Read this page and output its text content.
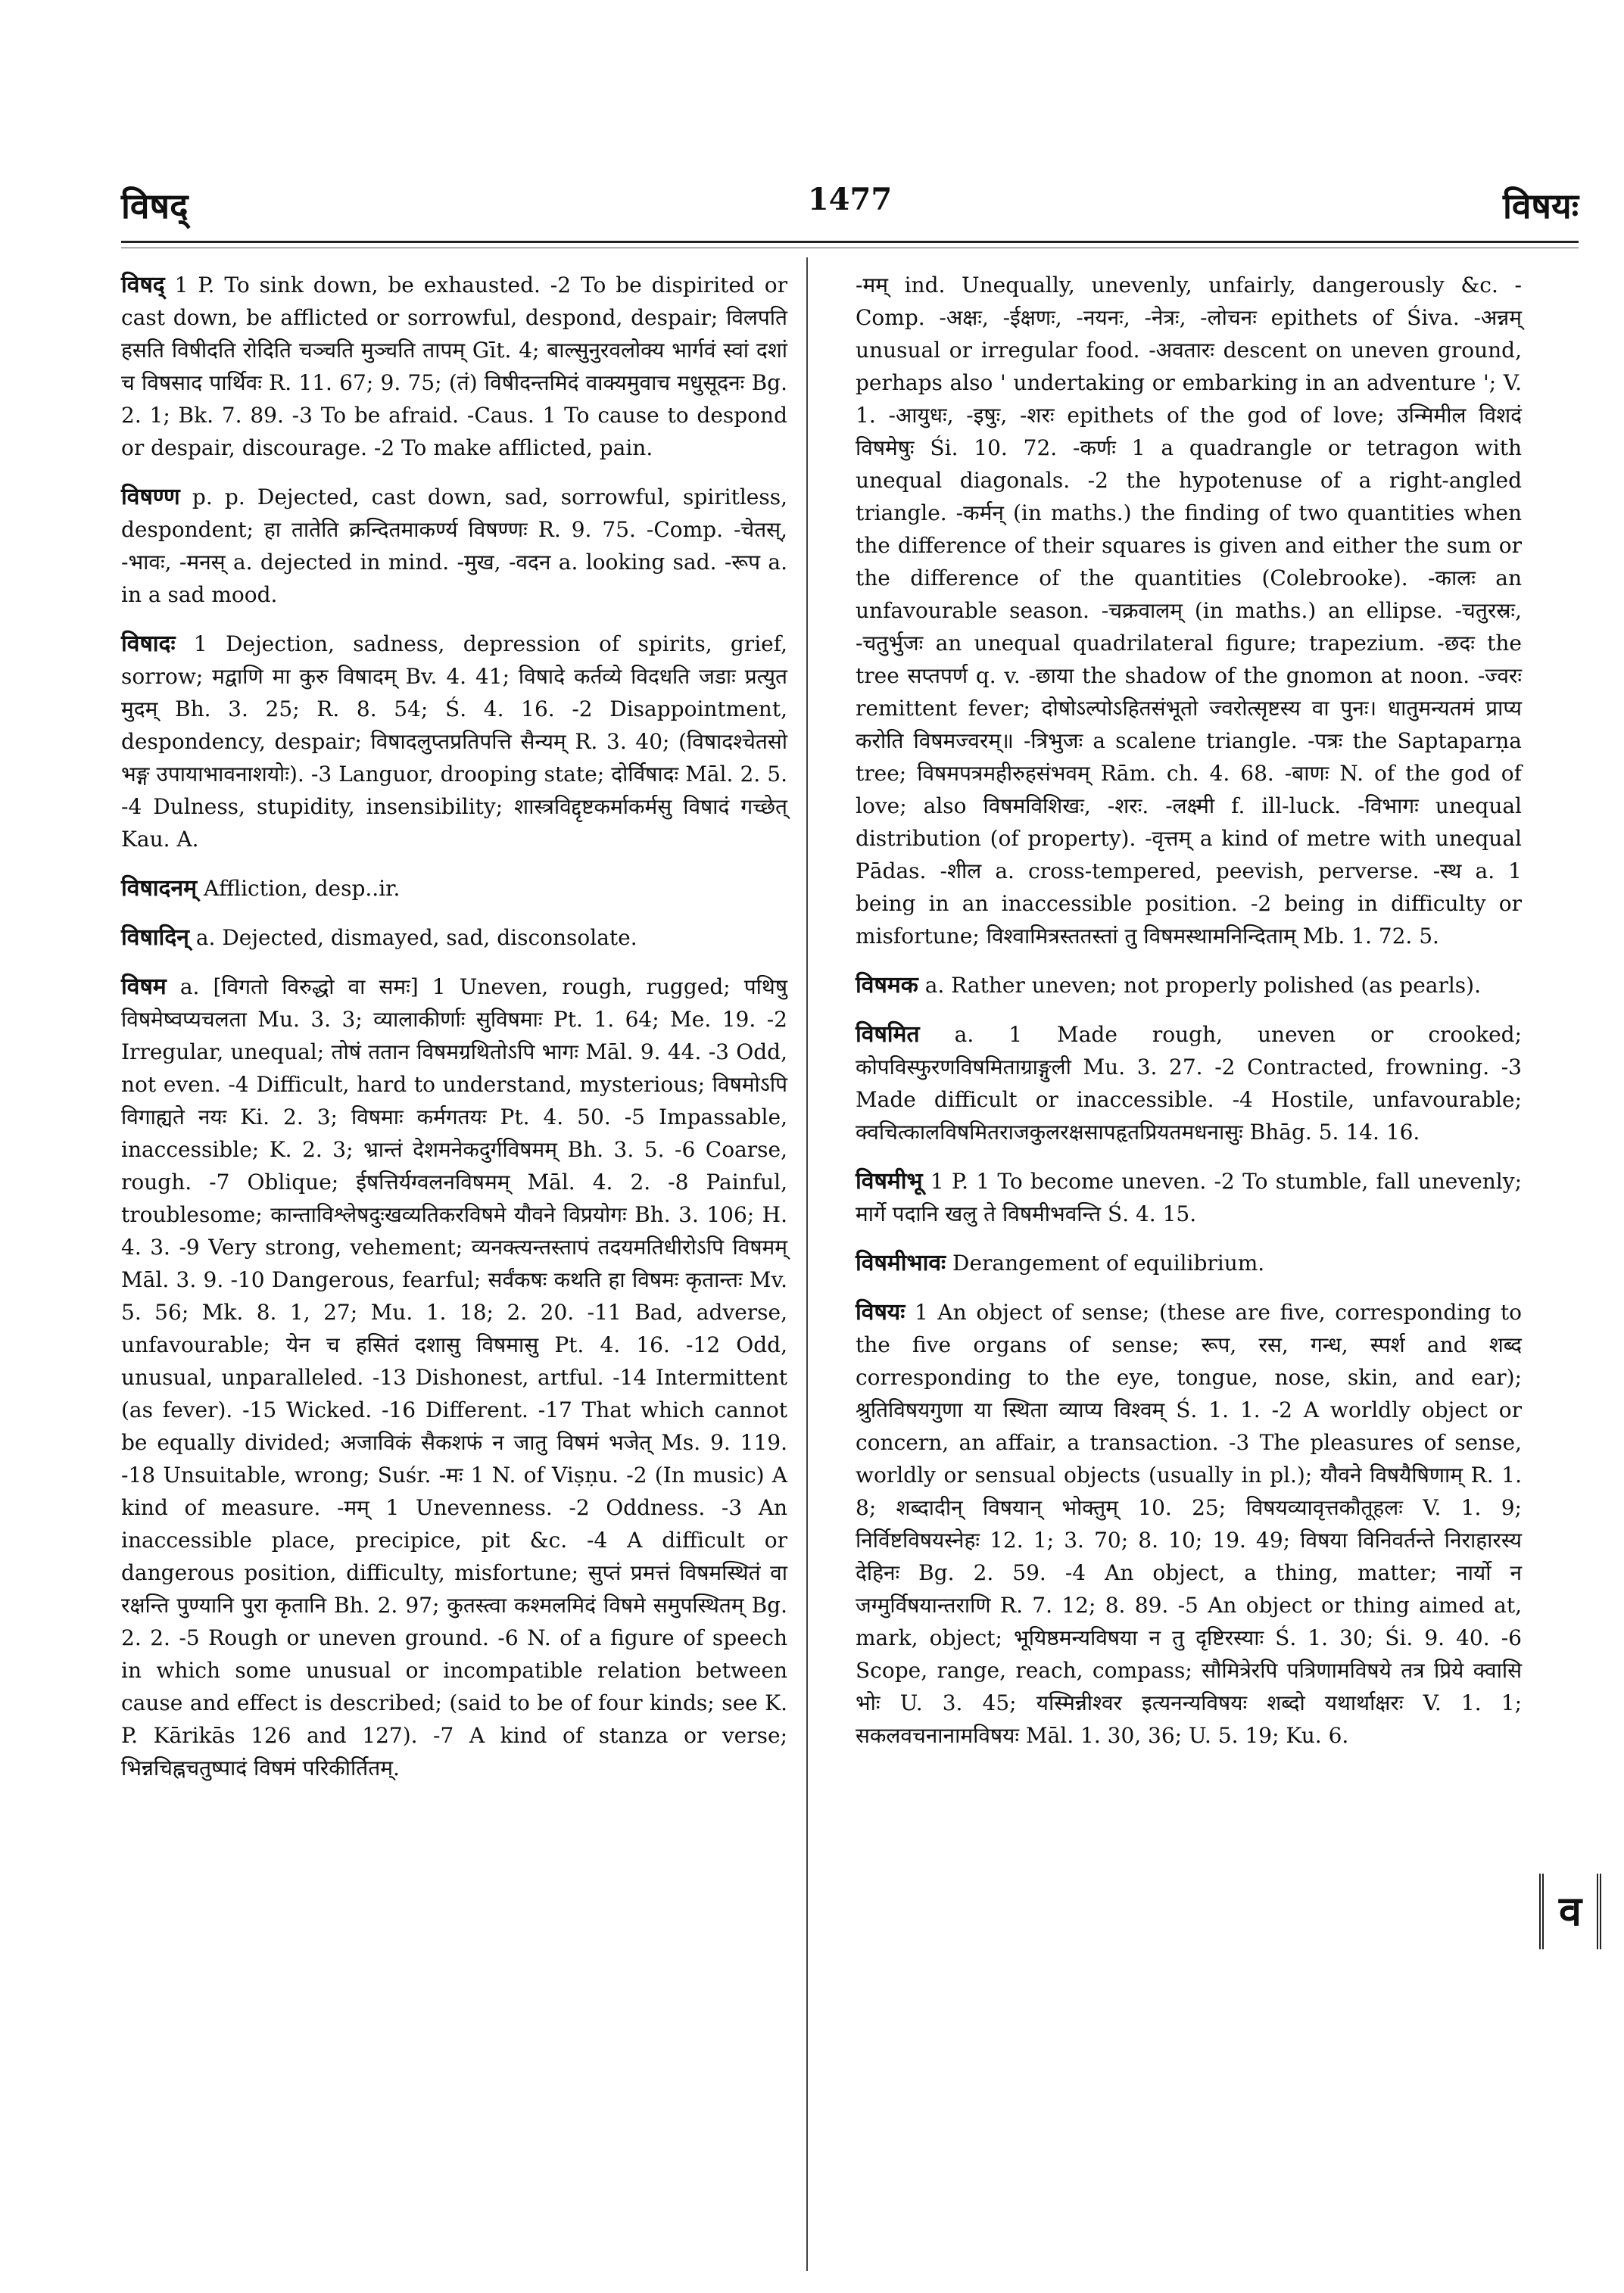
विषद्	1477	विषयः

विषद् 1 P. To sink down, be exhausted. -2 To be dispirited or cast down, be afflicted or sorrowful, despond, despair; विलपति हसति विषीदति रोदिति चञ्चति मुञ्चति तापम् Gīt. 4; बाल्सुनुरवलोक्य भार्गवं स्वां दशां च विषसाद पार्थिवः R. 11. 67; 9. 75; (तं) विषीदन्तमिदं वाक्यमुवाच मधुसूदनः Bg. 2. 1; Bk. 7. 89. -3 To be afraid. -Caus. 1 To cause to despond or despair, discourage. -2 To make afflicted, pain.

विषण्ण p. p. Dejected, cast down, sad, sorrowful, spiritless, despondent; हा तातेति क्रन्दितमाकर्ण्य विषण्णः R. 9. 75. -Comp. -चेतस्, -भावः, -मनस् a. dejected in mind. -मुख, -वदन a. looking sad. -रूप a. in a sad mood.

विषादः 1 Dejection, sadness, depression of spirits, grief, sorrow; मद्वाणि मा कुरु विषादम् Bv. 4. 41; विषादे कर्तव्ये विदधति जडाः प्रत्युत मुदम् Bh. 3. 25; R. 8. 54; Ś. 4. 16. -2 Disappointment, despondency, despair; विषादलुप्तप्रतिपत्ति सैन्यम् R. 3. 40; (विषादश्चेतसो भङ्ग उपायाभावनाशयोः). -3 Languor, drooping state; दोर्विषादः Māl. 2. 5. -4 Dulness, stupidity, insensibility; शास्त्रविद्दृष्टकर्माकर्मसु विषादं गच्छेत् Kau. A.

विषादनम् Affliction, desp..ir.

विषादिन् a. Dejected, dismayed, sad, disconsolate.

विषम a. [विगतो विरुद्धो वा समः] 1 Uneven, rough, rugged; पथिषु विषमेष्वप्यचलता Mu. 3. 3; व्यालाकीर्णाः सुविषमाः Pt. 1. 64; Me. 19. -2 Irregular, unequal; तोषं ततान विषमग्रथितोऽपि भागः Māl. 9. 44. -3 Odd, not even. -4 Difficult, hard to understand, mysterious; विषमोऽपि विगाह्यते नयः Ki. 2. 3; विषमाः कर्मगतयः Pt. 4. 50. -5 Impassable, inaccessible; K. 2. 3; भ्रान्तं देशमनेकदुर्गविषमम् Bh. 3. 5. -6 Coarse, rough. -7 Oblique; ईषत्तिर्यग्वलनविषमम् Māl. 4. 2. -8 Painful, troublesome; कान्ताविश्लेषदुःखव्यतिकरविषमे यौवने विप्रयोगः Bh. 3. 106; H. 4. 3. -9 Very strong, vehement; व्यनक्त्यन्तस्तापं तदयमतिधीरोऽपि विषमम् Māl. 3. 9. -10 Dangerous, fearful; सर्वंकषः कथति हा विषमः कृतान्तः Mv. 5. 56; Mk. 8. 1, 27; Mu. 1. 18; 2. 20. -11 Bad, adverse, unfavourable; येन च हसितं दशासु विषमासु Pt. 4. 16. -12 Odd, unusual, unparalleled. -13 Dishonest, artful. -14 Intermittent (as fever). -15 Wicked. -16 Different. -17 That which cannot be equally divided; अजाविकं सैकशफं न जातु विषमं भजेत् Ms. 9. 119. -18 Unsuitable, wrong; Suśr. -मः 1 N. of Viṣṇu. -2 (In music) A kind of measure. -मम् 1 Unevenness. -2 Oddness. -3 An inaccessible place, precipice, pit &c. -4 A difficult or dangerous position, difficulty, misfortune; सुप्तं प्रमत्तं विषमस्थितं वा रक्षन्ति पुण्यानि पुरा कृतानि Bh. 2. 97; कुतस्त्वा कश्मलमिदं विषमे समुपस्थितम् Bg. 2. 2. -5 Rough or uneven ground. -6 N. of a figure of speech in which some unusual or incompatible relation between cause and effect is described; (said to be of four kinds; see K. P. Kārikās 126 and 127). -7 A kind of stanza or verse; भिन्नचिह्नचतुष्पादं विषमं परिकीर्तितम्.

-मम् ind. Unequally, unevenly, unfairly, dangerously &c. -Comp. -अक्षः, -ईक्षणः, -नयनः, -नेत्रः, -लोचनः epithets of Śiva. -अन्नम् unusual or irregular food. -अवतारः descent on uneven ground, perhaps also ' undertaking or embarking in an adventure '; V. 1. -आयुधः, -इषुः, -शरः epithets of the god of love; उन्मिमील विशदं विषमेषुः Śi. 10. 72. -कर्णः 1 a quadrangle or tetragon with unequal diagonals. -2 the hypotenuse of a right-angled triangle. -कर्मन् (in maths.) the finding of two quantities when the difference of their squares is given and either the sum or the difference of the quantities (Colebrooke). -कालः an unfavourable season. -चक्रवालम् (in maths.) an ellipse. -चतुरस्रः, -चतुर्भुजः an unequal quadrilateral figure; trapezium. -छदः the tree सप्तपर्ण q. v. -छाया the shadow of the gnomon at noon. -ज्वरः remittent fever; दोषोऽल्पोऽहितसंभूतो ज्वरोत्सृष्टस्य वा पुनः। धातुमन्यतमं प्राप्य करोति विषमज्वरम्॥ -त्रिभुजः a scalene triangle. -पत्रः the Saptaparṇa tree; विषमपत्रमहीरुहसंभवम् Rām. ch. 4. 68. -बाणः N. of the god of love; also विषमविशिखः, -शरः. -लक्ष्मी f. ill-luck. -विभागः unequal distribution (of property). -वृत्तम् a kind of metre with unequal Pādas. -शील a. cross-tempered, peevish, perverse. -स्थ a. 1 being in an inaccessible position. -2 being in difficulty or misfortune; विश्वामित्रस्ततस्तां तु विषमस्थामनिन्दिताम् Mb. 1. 72. 5.

विषमक a. Rather uneven; not properly polished (as pearls).

विषमित a. 1 Made rough, uneven or crooked; कोपविस्फुरणविषमिताग्राङ्गुली Mu. 3. 27. -2 Contracted, frowning. -3 Made difficult or inaccessible. -4 Hostile, unfavourable; क्वचित्कालविषमितराजकुलरक्षसापहृतप्रियतमधनासुः Bhāg. 5. 14. 16.

विषमीभू 1 P. 1 To become uneven. -2 To stumble, fall unevenly; मार्गे पदानि खलु ते विषमीभवन्ति Ś. 4. 15.

विषमीभावः Derangement of equilibrium.

विषयः 1 An object of sense; (these are five, corresponding to the five organs of sense; रूप, रस, गन्ध, स्पर्श and शब्द corresponding to the eye, tongue, nose, skin, and ear); श्रुतिविषयगुणा या स्थिता व्याप्य विश्वम् Ś. 1. 1. -2 A worldly object or concern, an affair, a transaction. -3 The pleasures of sense, worldly or sensual objects (usually in pl.); यौवने विषयैषिणाम् R. 1. 8; शब्दादीन् विषयान् भोक्तुम् 10. 25; विषयव्यावृत्तकौतूहलः V. 1. 9; निर्विष्टविषयस्नेहः 12. 1; 3. 70; 8. 10; 19. 49; विषया विनिवर्तन्ते निराहारस्य देहिनः Bg. 2. 59. -4 An object, a thing, matter; नार्यो न जग्मुर्विषयान्तराणि R. 7. 12; 8. 89. -5 An object or thing aimed at, mark, object; भूयिष्ठमन्यविषया न तु दृष्टिरस्याः Ś. 1. 30; Śi. 9. 40. -6 Scope, range, reach, compass; सौमित्रेरपि पत्रिणामविषये तत्र प्रिये क्वासि भोः U. 3. 45; यस्मिन्नीश्वर इत्यनन्यविषयः शब्दो यथार्थाक्षरः V. 1. 1; सकलवचनानामविषयः Māl. 1. 30, 36; U. 5. 19; Ku. 6.

व
